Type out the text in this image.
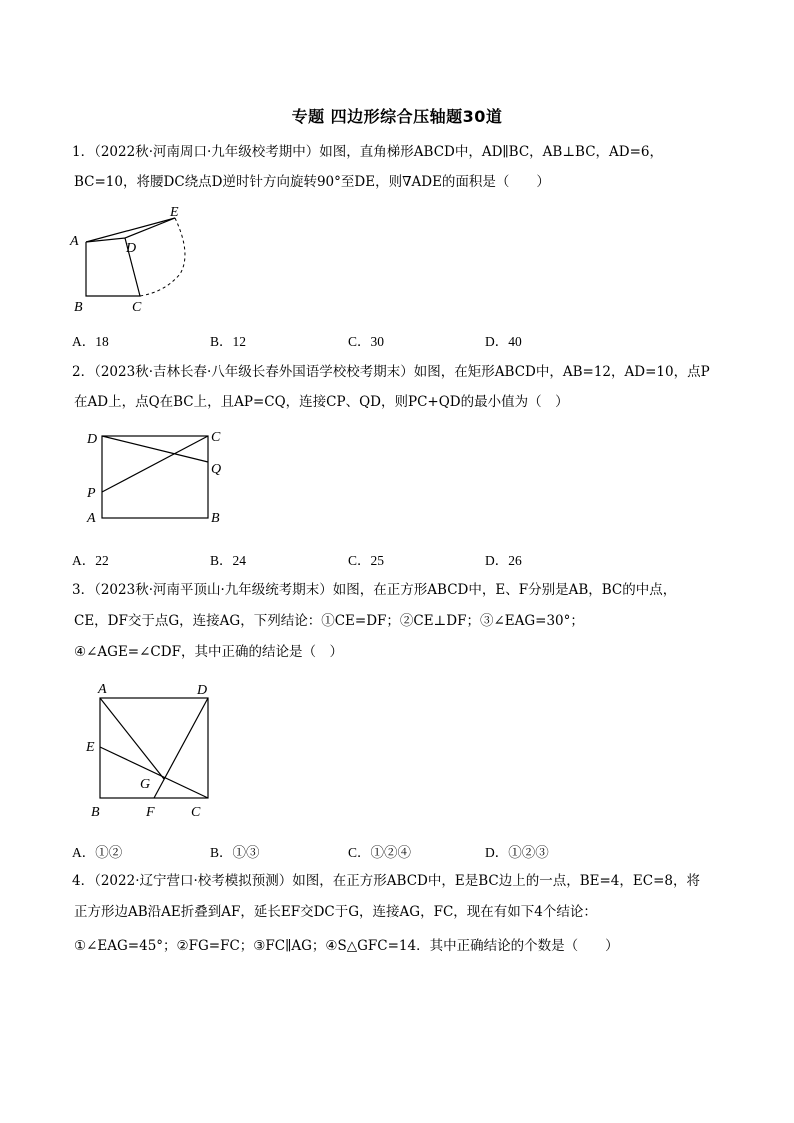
专题 四边形综合压轴题30道
1．（2022秋·河南周口·九年级校考期中）如图，直角梯形ABCD中，AD∥BC，AB⊥BC，AD=6，
BC=10，将腰DC绕点D逆时针方向旋转90°至DE，则∇ADE的面积是（　　）
A
B	C
D
E
A．18	B．12	C．30	D．40
2．（2023秋·吉林长春·八年级长春外国语学校校考期末）如图，在矩形ABCD中，AB=12，AD=10，点P
在AD上，点Q在BC上，且AP=CQ，连接CP、QD，则PC+QD的最小值为（　）
D	C
Q
P
A	B
A．22	B．24	C．25	D．26
3．（2023秋·河南平顶山·九年级统考期末）如图，在正方形ABCD中，E、F分别是AB，BC的中点，
CE，DF交于点G，连接AG，下列结论：①CE=DF；②CE⊥DF；③∠EAG=30°；
④∠AGE=∠CDF，其中正确的结论是（　）
A	D
E
G
B	F	C
A．①②	B．①③	C．①②④	D．①②③
4．（2022·辽宁营口·校考模拟预测）如图，在正方形ABCD中，E是BC边上的一点，BE=4，EC=8，将
正方形边AB沿AE折叠到AF，延长EF交DC于G，连接AG，FC，现在有如下4个结论：
①∠EAG=45°；②FG=FC；③FC∥AG；④S△GFC=14．其中正确结论的个数是（　　）
